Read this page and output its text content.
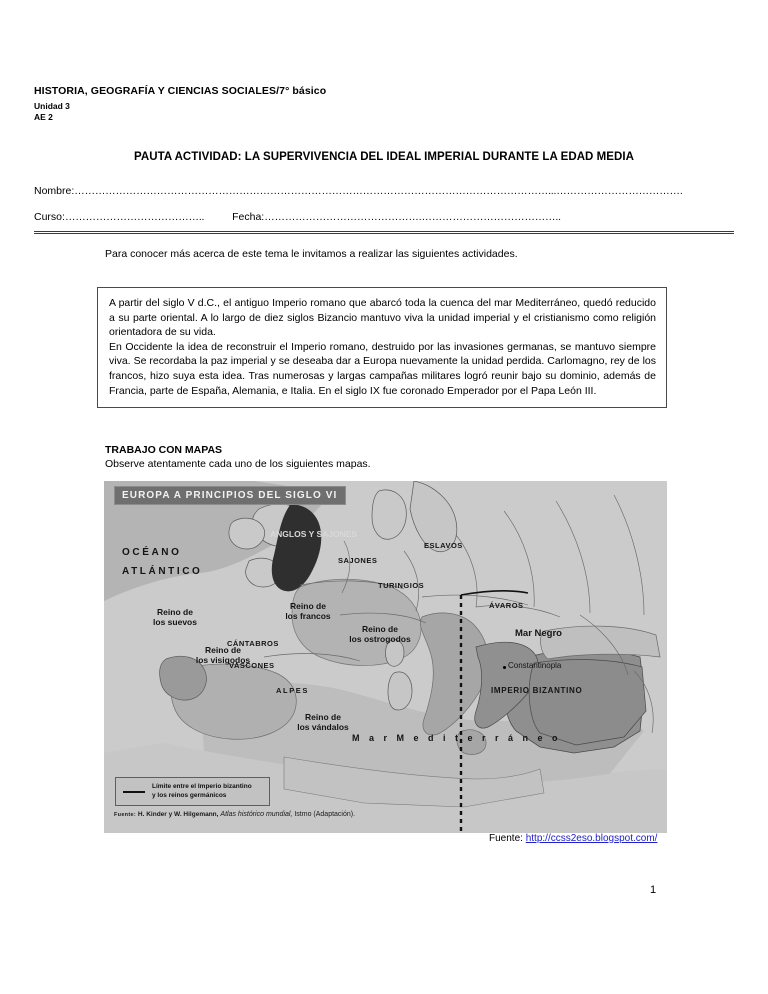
HISTORIA, GEOGRAFÍA Y CIENCIAS SOCIALES/7° básico
Unidad 3
AE 2
PAUTA ACTIVIDAD: LA SUPERVIVENCIA DEL IDEAL IMPERIAL DURANTE LA EDAD MEDIA
Nombre:…………………………………………………………………………………………………………………………...……………………………….
Curso:…………………………………..	Fecha:……………………………………….…………………………………..
Para conocer más acerca de este tema le invitamos a realizar las siguientes actividades.

A partir del siglo V d.C., el antiguo Imperio romano que abarcó toda la cuenca del mar Mediterráneo, quedó reducido a su parte oriental. A lo largo de diez siglos Bizancio mantuvo viva la unidad imperial y el cristianismo como religión orientadora de su vida.

En Occidente la idea de reconstruir el Imperio romano, destruido por las invasiones germanas, se mantuvo siempre viva. Se recordaba la paz imperial y se deseaba dar a Europa nuevamente la unidad perdida. Carlomagno, rey de los francos, hizo suya esta idea. Tras numerosas y largas campañas militares logró reunir bajo su dominio, además de Francia, parte de España, Alemania, e Italia. En el siglo IX fue coronado Emperador por el Papa León III.

TRABAJO CON MAPAS
Observe atentamente cada uno de los siguientes mapas.
EUROPA A PRINCIPIOS DEL SIGLO VI
OCÉANO
ATLÁNTICO
ANGLOS Y SAJONES
Reino de
los francos
Reino de
los suevos
Reino de
los visigodos
Reino de
los vándalos
Reino de
los ostrogodos
CÁNTABROS
VASCONES
SAJONES
TURINGIOS
ESLAVOS
ÁVAROS
ALPES
Mar Negro
Constantinopla
IMPERIO BIZANTINO
M a r M e d i t e r r á n e o
Límite entre el Imperio bizantino
y los reinos germánicos
Fuente: H. Kinder y W. Hilgemann, Atlas histórico mundial, Istmo (Adaptación).
Fuente: http://ccss2eso.blogspot.com/
1
